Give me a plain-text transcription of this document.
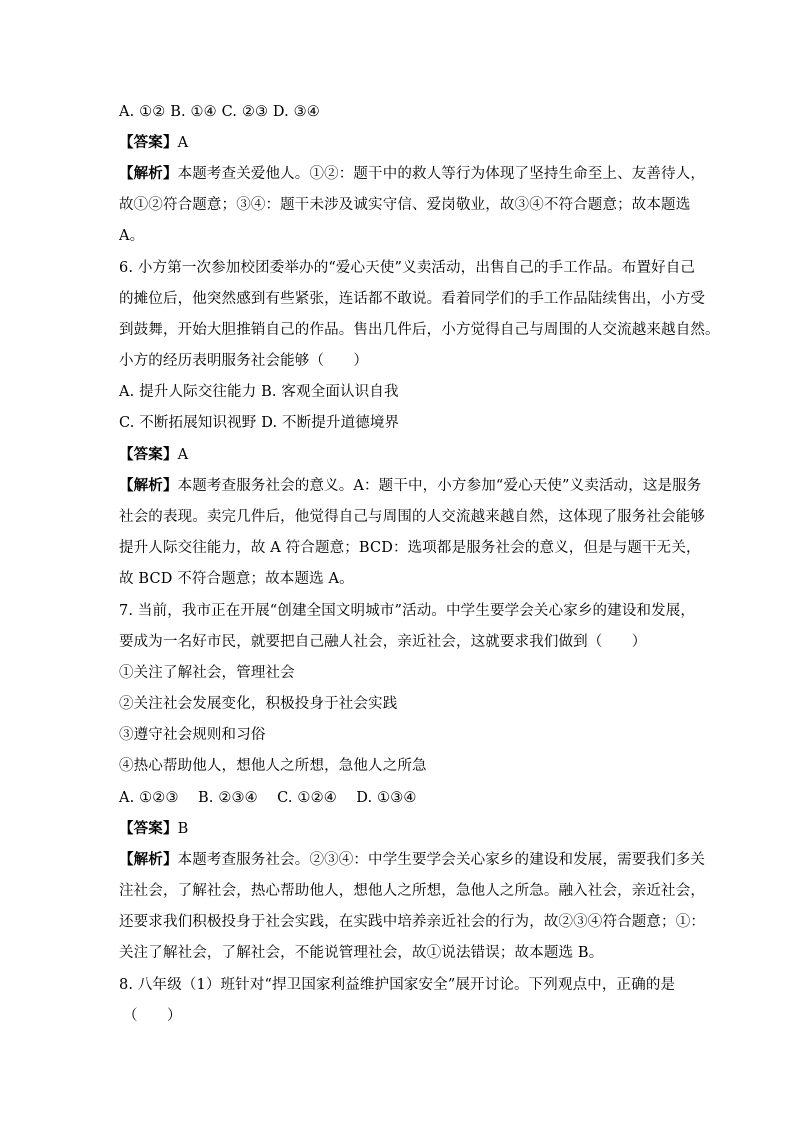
A. ①② B. ①④ C. ②③ D. ③④
【答案】A
【解析】本题考查关爱他人。①②：题干中的救人等行为体现了坚持生命至上、友善待人，
故①②符合题意；③④：题干未涉及诚实守信、爱岗敬业，故③④不符合题意；故本题选
A。
6. 小方第一次参加校团委举办的“爱心天使”义卖活动，出售自己的手工作品。布置好自己
的摊位后，他突然感到有些紧张，连话都不敢说。看着同学们的手工作品陆续售出，小方受
到鼓舞，开始大胆推销自己的作品。售出几件后，小方觉得自己与周围的人交流越来越自然。
小方的经历表明服务社会能够（　　）
A. 提升人际交往能力 B. 客观全面认识自我
C. 不断拓展知识视野 D. 不断提升道德境界
【答案】A
【解析】本题考查服务社会的意义。A：题干中，小方参加“爱心天使”义卖活动，这是服务
社会的表现。卖完几件后，他觉得自己与周围的人交流越来越自然，这体现了服务社会能够
提升人际交往能力，故 A 符合题意；BCD：选项都是服务社会的意义，但是与题干无关，
故 BCD 不符合题意；故本题选 A。
7. 当前，我市正在开展“创建全国文明城市”活动。中学生要学会关心家乡的建设和发展，
要成为一名好市民，就要把自己融人社会，亲近社会，这就要求我们做到（　　）
①关注了解社会，管理社会
②关注社会发展变化，积极投身于社会实践
③遵守社会规则和习俗
④热心帮助他人，想他人之所想，急他人之所急
A. ①②③　 B. ②③④　 C. ①②④　 D. ①③④
【答案】B
【解析】本题考查服务社会。②③④：中学生要学会关心家乡的建设和发展，需要我们多关
注社会，了解社会，热心帮助他人，想他人之所想，急他人之所急。融入社会，亲近社会，
还要求我们积极投身于社会实践，在实践中培养亲近社会的行为，故②③④符合题意；①：
关注了解社会，了解社会，不能说管理社会，故①说法错误；故本题选 B。
8. 八年级（1）班针对“捍卫国家利益维护国家安全”展开讨论。下列观点中，正确的是
（　　）
